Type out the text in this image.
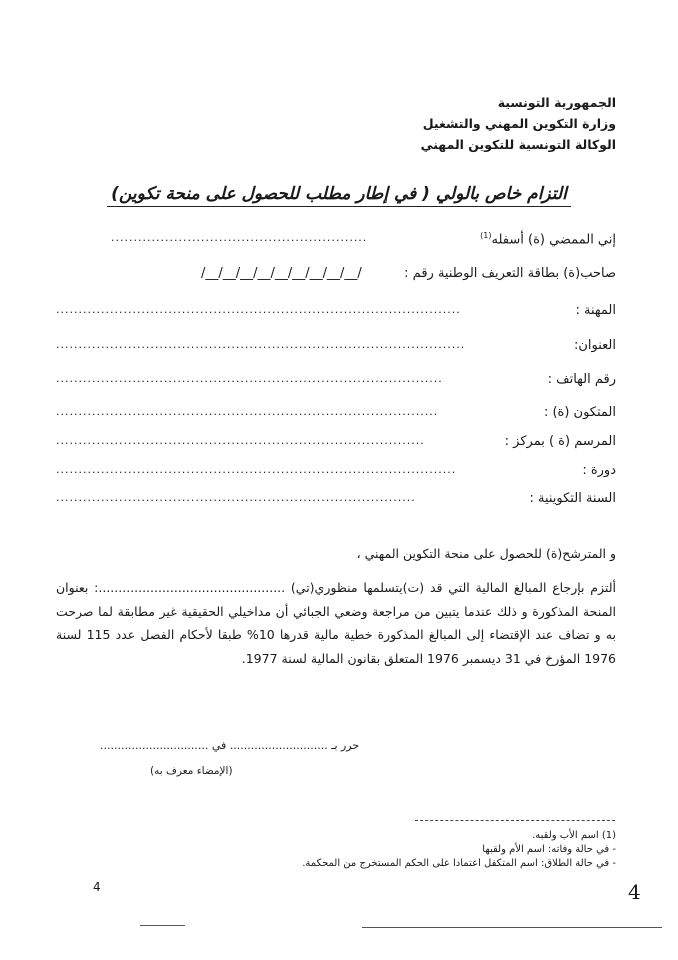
الجمهورية التونسية
وزارة التكوين المهني والتشغيل
الوكالة التونسية للتكوين المهني
التزام خاص بالولي ( في إطار مطلب للحصول على منحة تكوين)
إني الممضي (ة) أسفله$^{(1)}$
.........................................................
صاحب(ة) بطاقة التعريف الوطنية رقم :
/__/__/__/__/__/__/__/__/__/
المهنة :
..........................................................................................
العنوان:
...........................................................................................
رقم الهاتف :
......................................................................................
المتكون (ة) :
.....................................................................................
المرسم (ة ) بمركز :
..................................................................................
دورة :
.........................................................................................
السنة التكوينية :
................................................................................
و المترشح(ة) للحصول على منحة التكوين المهني ،
ألتزم بإرجاع المبالغ المالية التي قد (ت)يتسلمها منظوري(تي) ...............................................: بعنوان المنحة المذكورة و ذلك عندما يتبين من مراجعة وضعي الجبائي أن مداخيلي الحقيقية غير مطابقة لما صرحت به و تضاف عند الإقتضاء إلى المبالغ المذكورة خطية مالية قدرها 10% طبقا لأحكام الفصل عدد 115 لسنة 1976 المؤرخ في 31 ديسمبر 1976 المتعلق بقانون المالية لسنة 1977.
حرر بـ ............................ في ...............................
(الإمضاء معرف به)
(1) اسم الأب ولقبه.
- في حالة وفاته: اسم الأم ولقبها
- في حالة الطلاق: اسم المتكفل اعتمادا على الحكم المستخرج من المحكمة.
4	4
